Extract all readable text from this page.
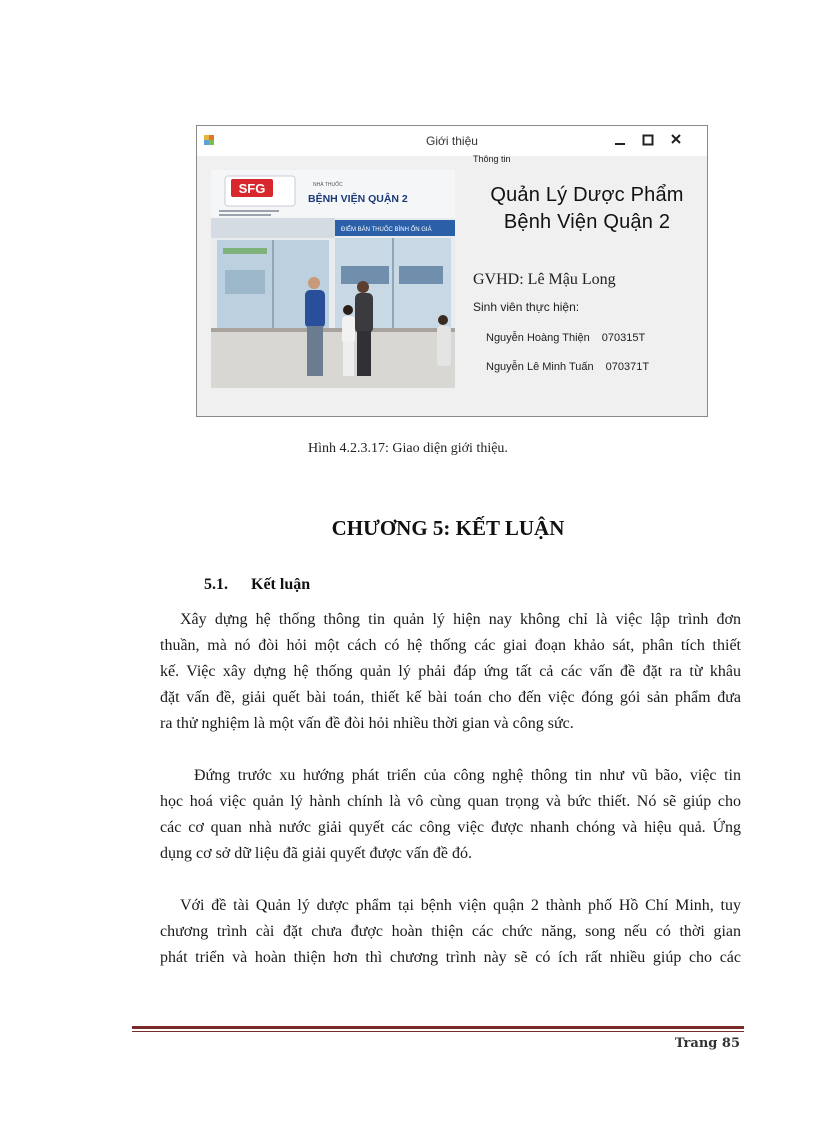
Giới thiệu
Thông tin
SFG	NHÀ THUỐC
BỆNH VIỆN QUẬN 2
ĐIỂM BÁN THUỐC BÌNH ỔN GIÁ
Quản Lý Dược Phẩm
Bệnh Viện Quận 2
GVHD: Lê Mậu Long
Sinh viên thực hiện:
Nguyễn Hoàng Thiện 070315T
Nguyễn Lê Minh Tuấn 070371T
Hình 4.2.3.17: Giao diện giới thiệu.
CHƯƠNG 5: KẾT LUẬN
5.1. Kết luận
Xây dựng hệ thống thông tin quản lý hiện nay không chỉ là việc lập trình đơn
thuần, mà nó đòi hỏi một cách có hệ thống các giai đoạn khảo sát, phân tích thiết
kế. Việc xây dựng hệ thống quản lý phải đáp ứng tất cả các vấn đề đặt ra từ khâu
đặt vấn đề, giải quết bài toán, thiết kế bài toán cho đến việc đóng gói sản phẩm đưa
ra thử nghiệm là một vấn đề đòi hỏi nhiều thời gian và công sức.
Đứng trước xu hướng phát triển của công nghệ thông tin như vũ bão, việc tin
học hoá việc quản lý hành chính là vô cùng quan trọng và bức thiết. Nó sẽ giúp cho
các cơ quan nhà nước giải quyết các công việc được nhanh chóng và hiệu quả. Ứng
dụng cơ sở dữ liệu đã giải quyết được vấn đề đó.
Với đề tài Quản lý dược phẩm tại bệnh viện quận 2 thành phố Hồ Chí Minh, tuy
chương trình cài đặt chưa được hoàn thiện các chức năng, song nếu có thời gian
phát triển và hoàn thiện hơn thì chương trình này sẽ có ích rất nhiều giúp cho các
Trang 85
